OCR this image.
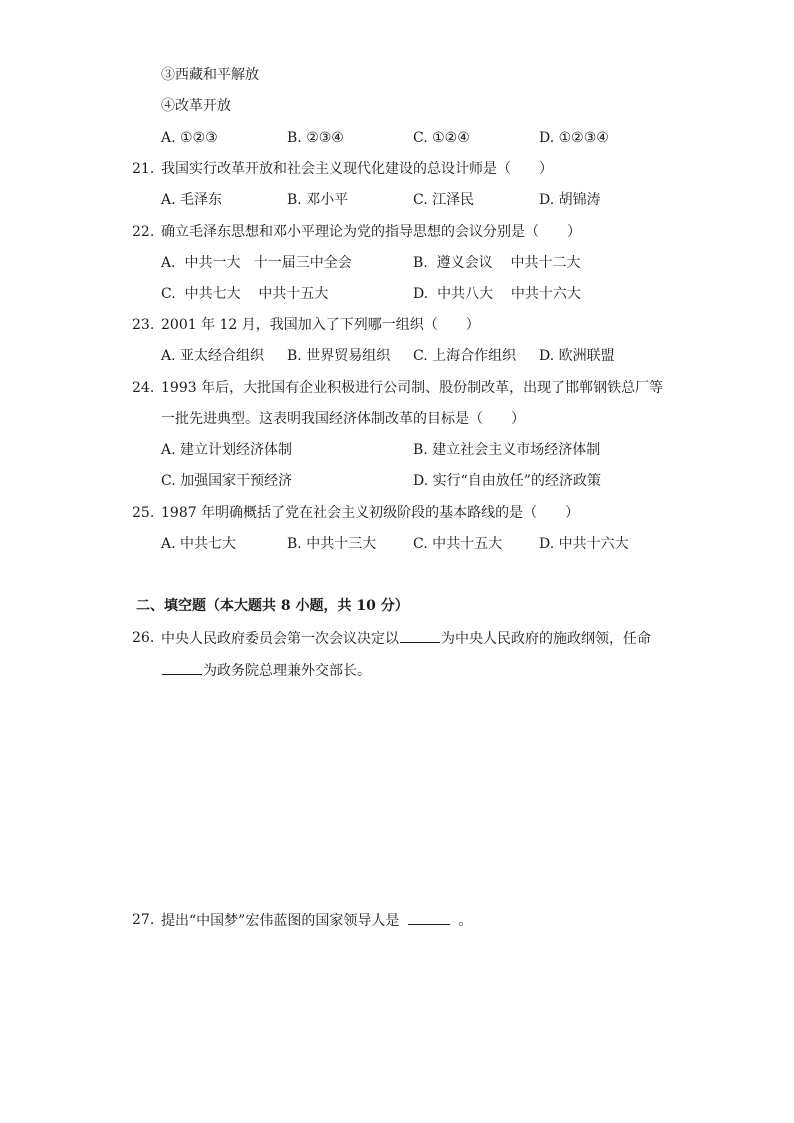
③西藏和平解放
④改革开放
A. ①②③	B. ②③④	C. ①②④	D. ①②③④
21. 我国实行改革开放和社会主义现代化建设的总设计师是（　　）
A. 毛泽东	B. 邓小平	C. 江泽民	D. 胡锦涛
22. 确立毛泽东思想和邓小平理论为党的指导思想的会议分别是（　　）
A.  中共一大   十一届三中全会	B.  遵义会议    中共十二大
C.  中共七大    中共十五大	D.  中共八大    中共十六大
23. 2001 年 12 月，我国加入了下列哪一组织（　　）
A. 亚太经合组织 B. 世界贸易组织 C. 上海合作组织 D. 欧洲联盟
24. 1993 年后，大批国有企业积极进行公司制、股份制改革，出现了邯郸钢铁总厂等
一批先进典型。这表明我国经济体制改革的目标是（　　）
A. 建立计划经济体制	B. 建立社会主义市场经济体制
C. 加强国家干预经济	D. 实行“自由放任”的经济政策
25. 1987 年明确概括了党在社会主义初级阶段的基本路线的是（　　）
A. 中共七大	B. 中共十三大	C. 中共十五大	D. 中共十六大
二、填空题（本大题共 8 小题，共 10 分）
26. 中央人民政府委员会第一次会议决定以	为中央人民政府的施政纲领，任命
为政务院总理兼外交部长。
27. 提出“中国梦”宏伟蓝图的国家领导人是	。
